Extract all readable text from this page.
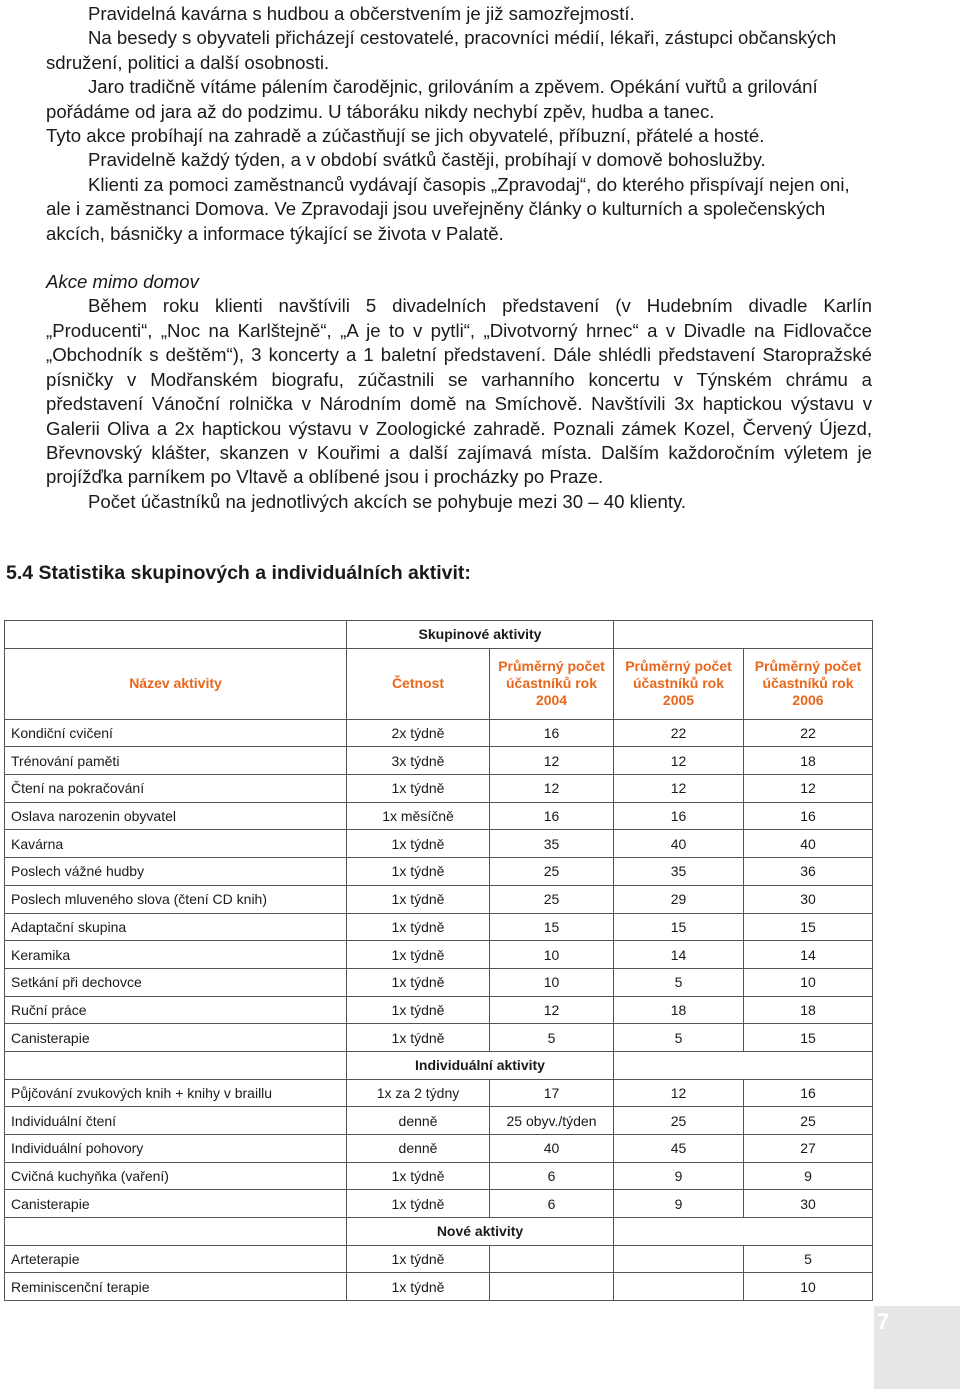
Pravidelná kavárna s hudbou a občerstvením je již samozřejmostí.

Na besedy s obyvateli přicházejí cestovatelé, pracovníci médií, lékaři, zástupci občanských sdružení, politici a další osobnosti.

Jaro tradičně vítáme pálením čarodějnic, grilováním a zpěvem. Opékání vuřtů a grilování pořádáme od jara až do podzimu. U táboráku nikdy nechybí zpěv, hudba a tanec.

Tyto akce probíhají na zahradě a zúčastňují se jich obyvatelé, příbuzní, přátelé a hosté.

Pravidelně každý týden, a v období svátků častěji, probíhají v domově bohoslužby.

Klienti za pomoci zaměstnanců vydávají časopis „Zpravodaj“, do kterého přispívají nejen oni, ale i zaměstnanci Domova. Ve Zpravodaji jsou uveřejněny články o kulturních a společenských akcích, básničky a informace týkající se života v Palatě.

Akce mimo domov

Během roku klienti navštívili 5 divadelních představení (v Hudebním divadle Karlín „Producenti“, „Noc na Karlštejně“, „A je to v pytli“, „Divotvorný hrnec“ a v Divadle na Fidlovačce „Obchodník s deštěm“), 3 koncerty a 1 baletní představení. Dále shlédli představení Staropražské písničky v Modřanském biografu, zúčastnili se varhanního koncertu v Týnském chrámu a představení Vánoční rolnička v Národním domě na Smíchově. Navštívili 3x haptickou výstavu v Galerii Oliva a 2x haptickou výstavu v Zoologické zahradě. Poznali zámek Kozel, Červený Újezd, Břevnovský klášter, skanzen v Kouřimi a další zajímavá místa. Dalším každoročním výletem je projížďka parníkem po Vltavě a oblíbené jsou i procházky po Praze.

Počet účastníků na jednotlivých akcích se pohybuje mezi 30 – 40 klienty.

5.4 Statistika skupinových a individuálních aktivit:
	Skupinové aktivity			
Název aktivity	Četnost	Průměrný počet účastníků rok 2004	Průměrný počet účastníků rok 2005	Průměrný počet účastníků rok 2006
Kondiční cvičení	2x týdně	16	22	22
Trénování paměti	3x týdně	12	12	18
Čtení na pokračování	1x týdně	12	12	12
Oslava narozenin obyvatel	1x měsíčně	16	16	16
Kavárna	1x týdně	35	40	40
Poslech vážné hudby	1x týdně	25	35	36
Poslech mluveného slova (čtení CD knih)	1x týdně	25	29	30
Adaptační skupina	1x týdně	15	15	15
Keramika	1x týdně	10	14	14
Setkání při dechovce	1x týdně	10	5	10
Ruční práce	1x týdně	12	18	18
Canisterapie	1x týdně	5	5	15
	Individuální aktivity			
Půjčování zvukových knih + knihy v braillu	1x za 2 týdny	17	12	16
Individuální čtení	denně	25 obyv./týden	25	25
Individuální pohovory	denně	40	45	27
Cvičná kuchyňka (vaření)	1x týdně	6	9	9
Canisterapie	1x týdně	6	9	30
	Nové aktivity			
Arteterapie	1x týdně			5
Reminiscenční terapie	1x týdně			10
7
